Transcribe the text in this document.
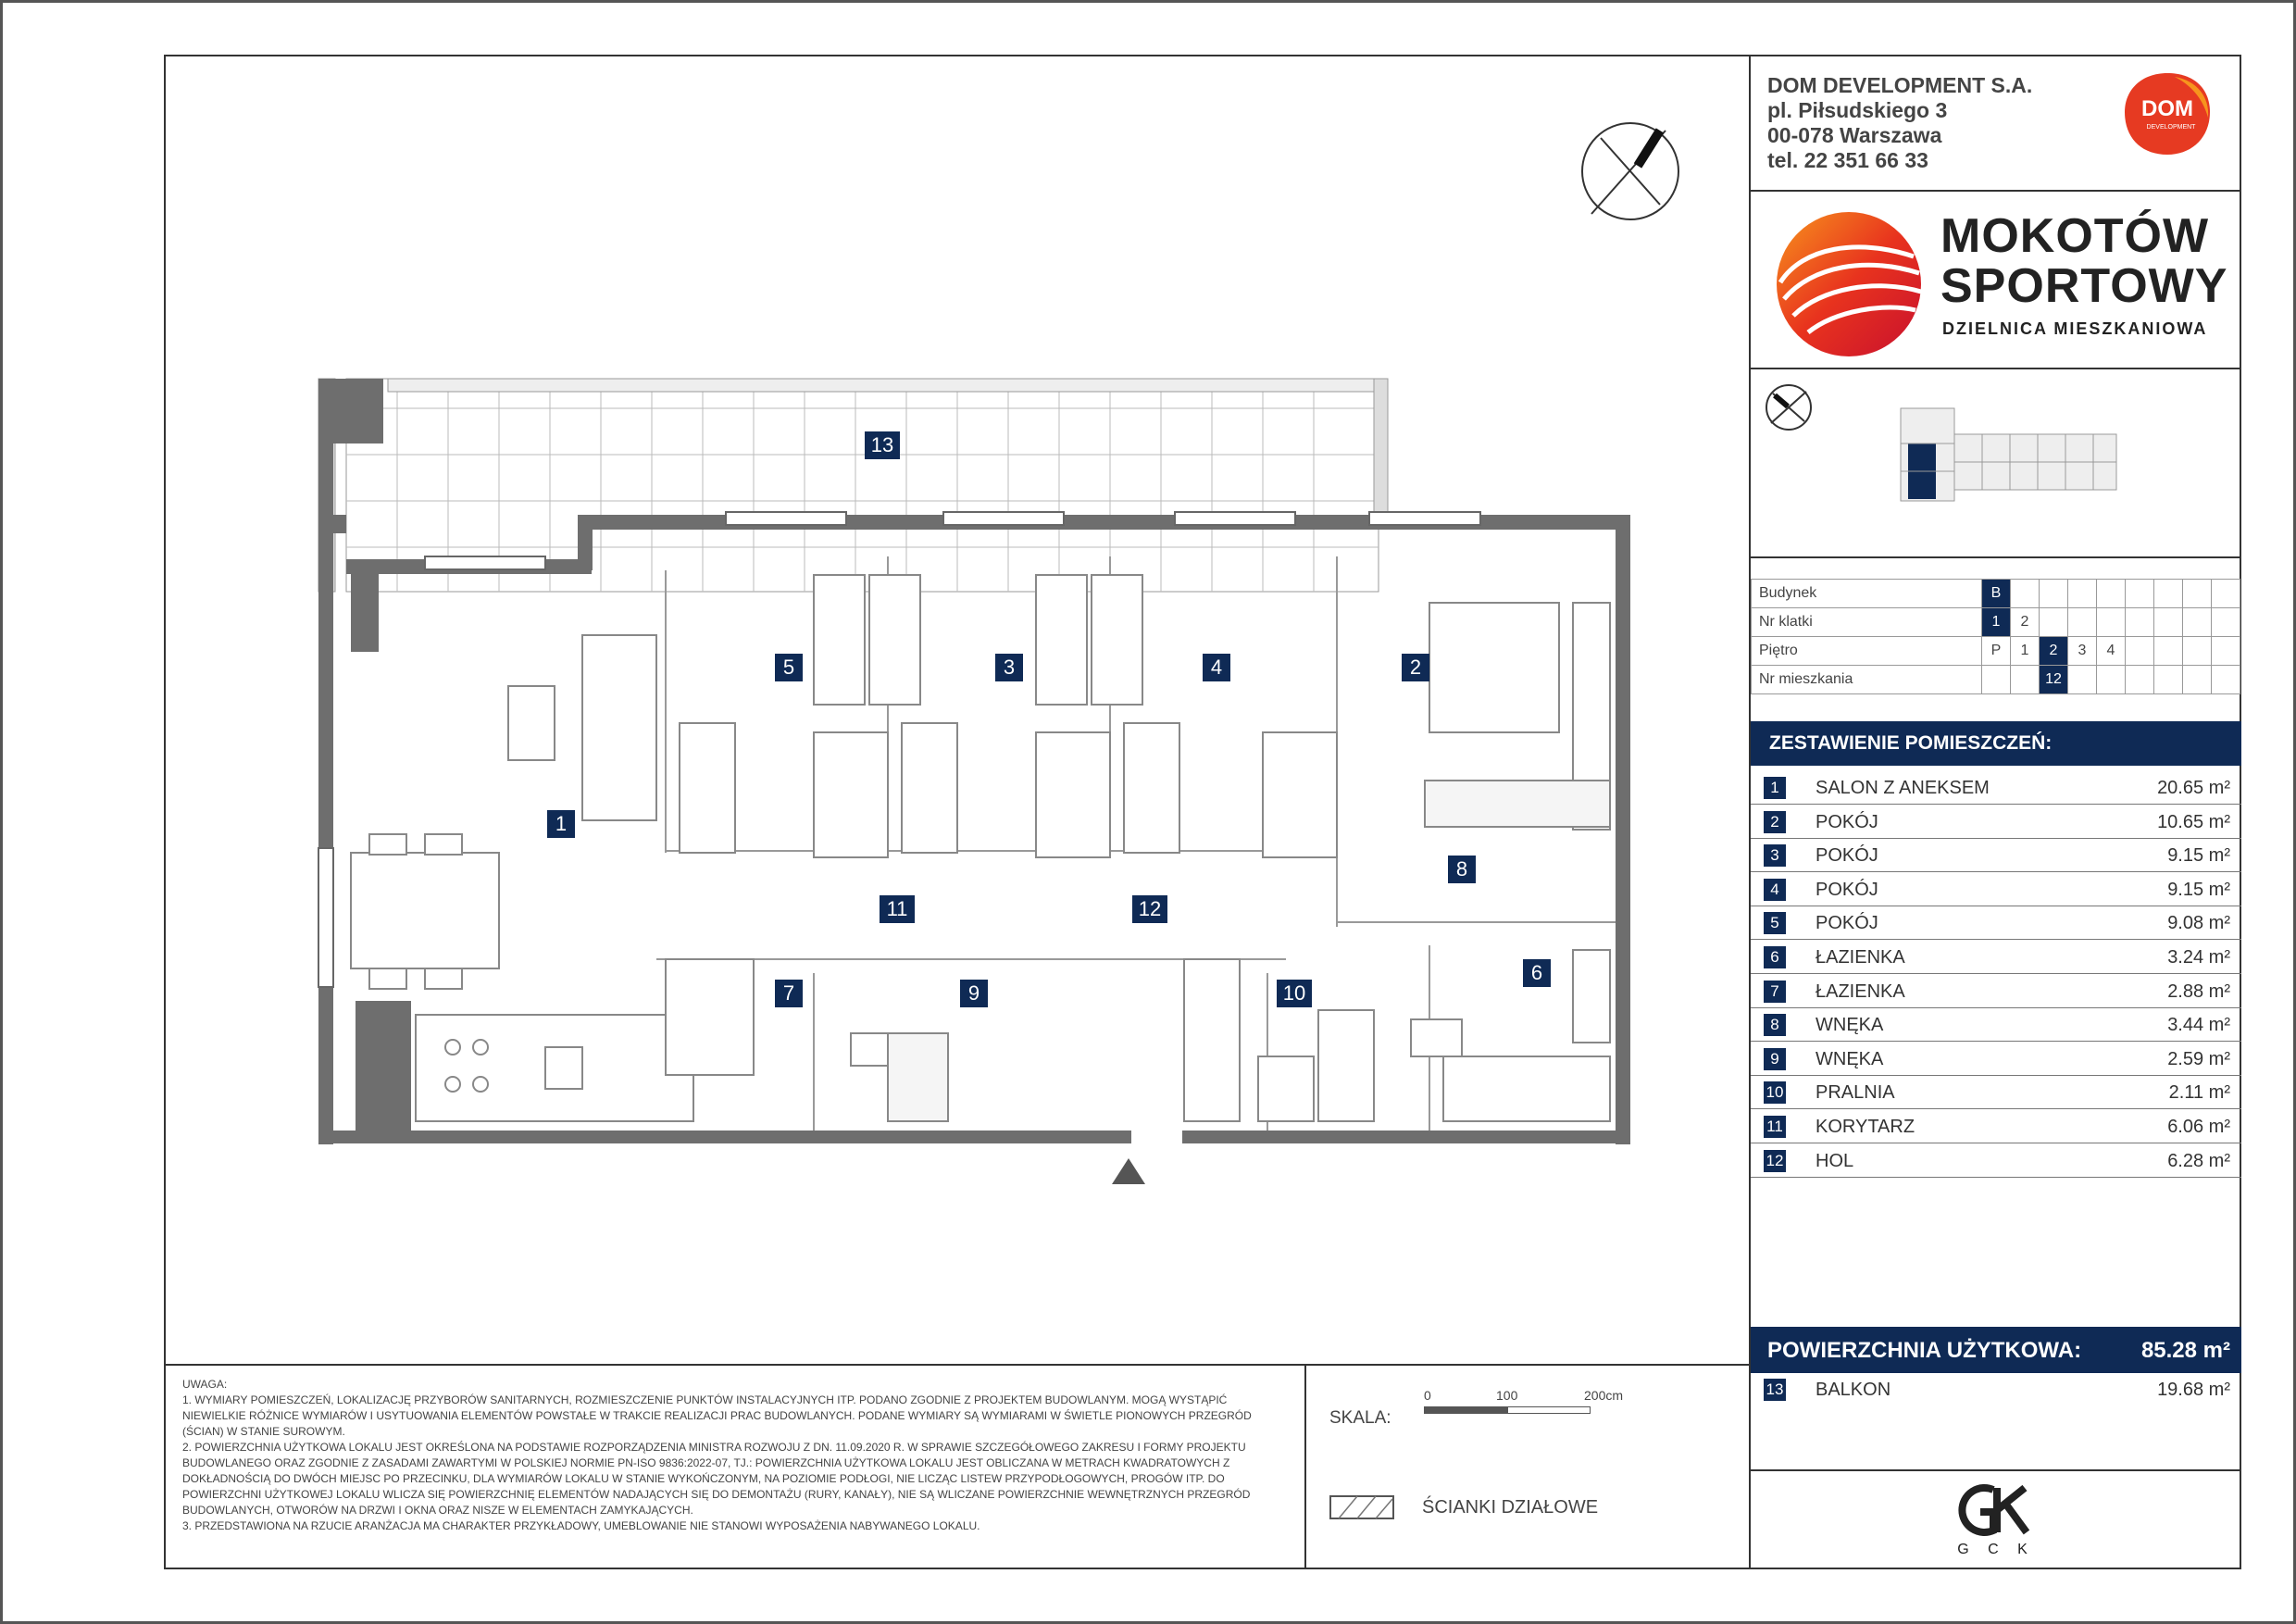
1
2
3	4
5
6
7
8
9	10
11	12
13
UWAGA:
1. WYMIARY POMIESZCZEŃ, LOKALIZACJĘ PRZYBORÓW SANITARNYCH, ROZMIESZCZENIE PUNKTÓW INSTALACYJNYCH ITP. PODANO ZGODNIE Z PROJEKTEM BUDOWLANYM. MOGĄ WYSTĄPIĆ NIEWIELKIE RÓŻNICE WYMIARÓW I USYTUOWANIA ELEMENTÓW POWSTAŁE W TRAKCIE REALIZACJI PRAC BUDOWLANYCH. PODANE WYMIARY SĄ WYMIARAMI W ŚWIETLE PIONOWYCH PRZEGRÓD (ŚCIAN) W STANIE SUROWYM.
2. POWIERZCHNIA UŻYTKOWA LOKALU JEST OKREŚLONA NA PODSTAWIE ROZPORZĄDZENIA MINISTRA ROZWOJU Z DN. 11.09.2020 R. W SPRAWIE SZCZEGÓŁOWEGO ZAKRESU I FORMY PROJEKTU BUDOWLANEGO ORAZ ZGODNIE Z ZASADAMI ZAWARTYMI W POLSKIEJ NORMIE PN-ISO 9836:2022-07, TJ.: POWIERZCHNIA UŻYTKOWA LOKALU JEST OBLICZANA W METRACH KWADRATOWYCH Z DOKŁADNOŚCIĄ DO DWÓCH MIEJSC PO PRZECINKU, DLA WYMIARÓW LOKALU W STANIE WYKOŃCZONYM, NA POZIOMIE PODŁOGI, NIE LICZĄC LISTEW PRZYPODŁOGOWYCH, PROGÓW ITP. DO POWIERZCHNI UŻYTKOWEJ LOKALU WLICZA SIĘ POWIERZCHNIĘ ELEMENTÓW NADAJĄCYCH SIĘ DO DEMONTAŻU (RURY, KANAŁY), NIE SĄ WLICZANE POWIERZCHNIE WEWNĘTRZNYCH PRZEGRÓD BUDOWLANYCH, OTWORÓW NA DRZWI I OKNA ORAZ NISZE W ELEMENTACH ZAMYKAJĄCYCH.
3. PRZEDSTAWIONA NA RZUCIE ARANŻACJA MA CHARAKTER PRZYKŁADOWY, UMEBLOWANIE NIE STANOWI WYPOSAŻENIA NABYWANEGO LOKALU.
SKALA:
0	100	200cm
ŚCIANKI DZIAŁOWE
DOM DEVELOPMENT S.A.
pl. Piłsudskiego 3
00-078 Warszawa
tel. 22 351 66 33
DOM
DEVELOPMENT
MOKOTÓW
SPORTOWY
DZIELNICA MIESZKANIOWA
Budynek	B								
Nr klatki	1	2							
Piętro	P	1	2	3	4				
Nr mieszkania			12						
ZESTAWIENIE POMIESZCZEŃ:
1	SALON Z ANEKSEM	20.65 m²
2	POKÓJ	10.65 m²
3	POKÓJ	9.15 m²
4	POKÓJ	9.15 m²
5	POKÓJ	9.08 m²
6	ŁAZIENKA	3.24 m²
7	ŁAZIENKA	2.88 m²
8	WNĘKA	3.44 m²
9	WNĘKA	2.59 m²
10 PRALNIA	2.11 m²
11 KORYTARZ	6.06 m²
12 HOL	6.28 m²
POWIERZCHNIA UŻYTKOWA:	85.28 m²
13 BALKON	19.68 m²
G C K
